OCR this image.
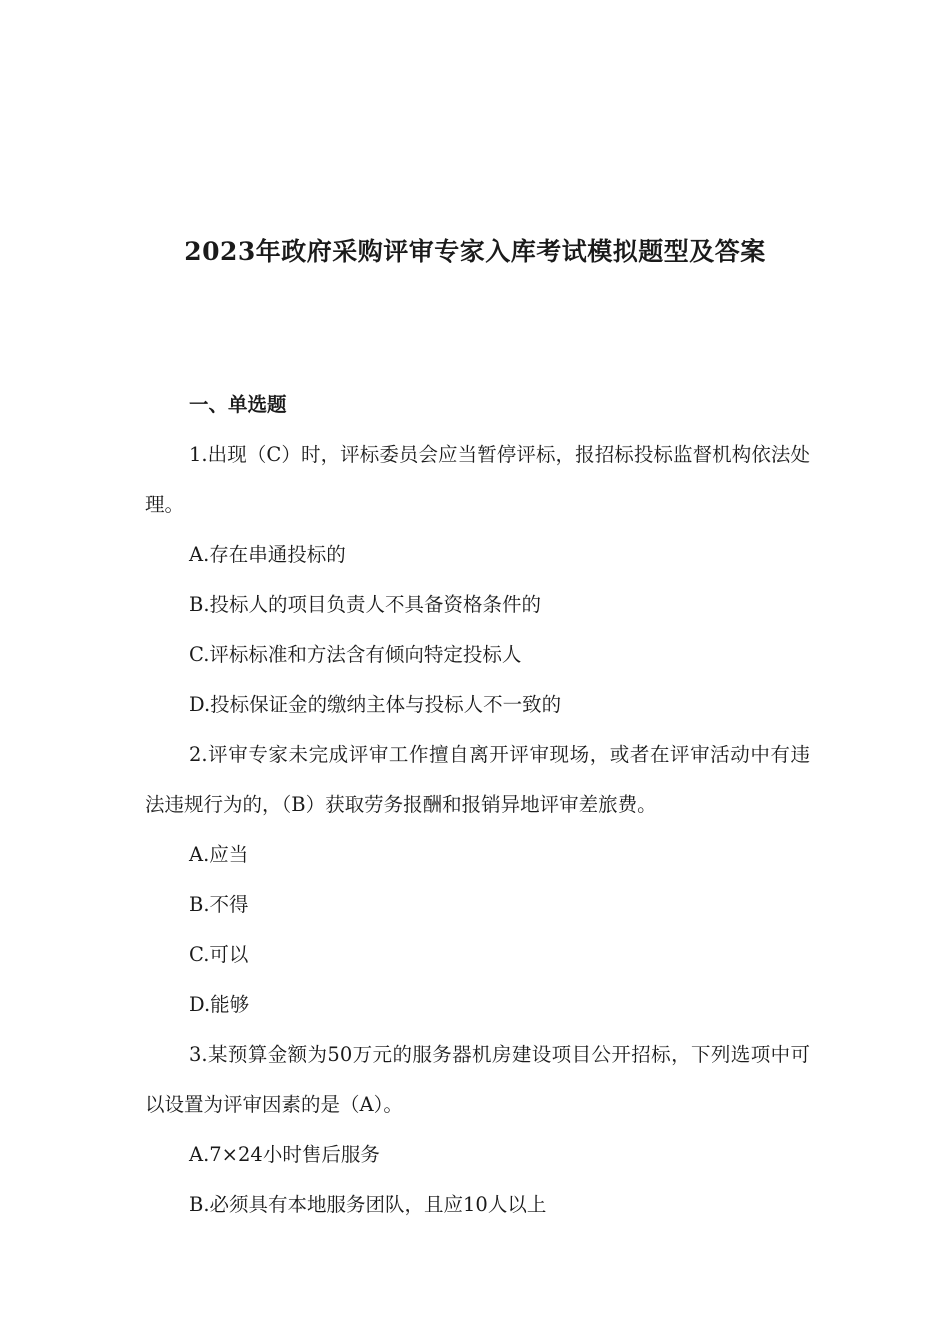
2023年政府采购评审专家入库考试模拟题型及答案

一、单选题

1.出现（C）时，评标委员会应当暂停评标，报招标投标监督机构依法处理。

A.存在串通投标的

B.投标人的项目负责人不具备资格条件的

C.评标标准和方法含有倾向特定投标人

D.投标保证金的缴纳主体与投标人不一致的

2.评审专家未完成评审工作擅自离开评审现场，或者在评审活动中有违法违规行为的，（B）获取劳务报酬和报销异地评审差旅费。

A.应当

B.不得

C.可以

D.能够

3.某预算金额为50万元的服务器机房建设项目公开招标，下列选项中可以设置为评审因素的是（A）。

A.7×24小时售后服务

B.必须具有本地服务团队，且应10人以上
